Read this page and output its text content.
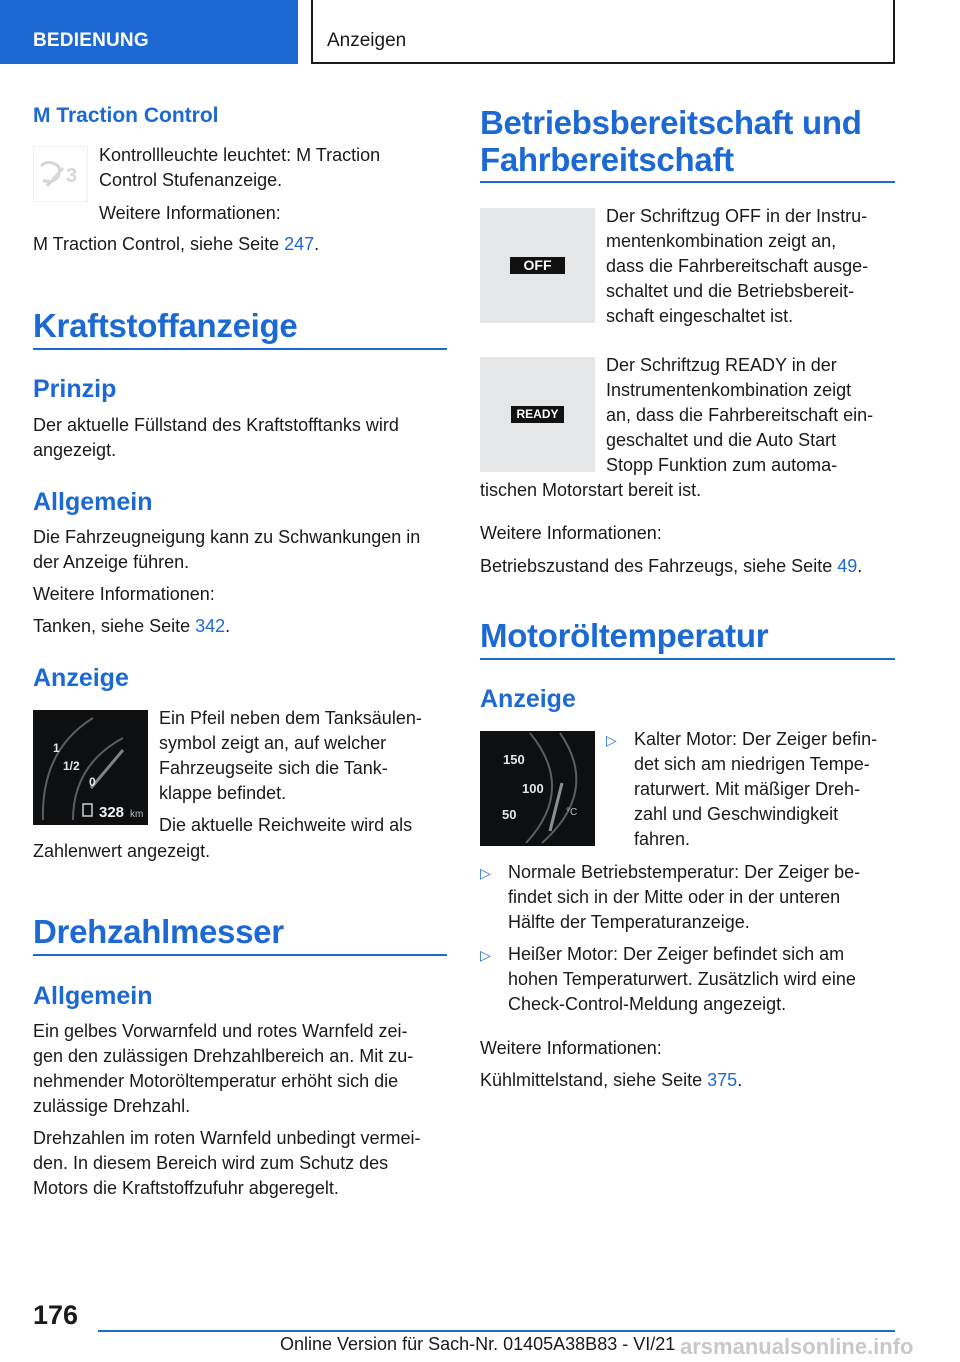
BEDIENUNG	Anzeigen
M Traction Control
3
Kontrollleuchte leuchtet: M Traction
Control Stufenanzeige.
Weitere Informationen:
M Traction Control, siehe Seite 247.
Kraftstoffanzeige
Prinzip
Der aktuelle Füllstand des Kraftstofftanks wird
angezeigt.
Allgemein
Die Fahrzeugneigung kann zu Schwankungen in
der Anzeige führen.
Weitere Informationen:
Tanken, siehe Seite 342.
Anzeige
1
1/2
0
328 km
Ein Pfeil neben dem Tanksäulen-
symbol zeigt an, auf welcher
Fahrzeugseite sich die Tank-
klappe befindet.
Die aktuelle Reichweite wird als
Zahlenwert angezeigt.
Drehzahlmesser
Allgemein
Ein gelbes Vorwarnfeld und rotes Warnfeld zei-
gen den zulässigen Drehzahlbereich an. Mit zu-
nehmender Motoröltemperatur erhöht sich die
zulässige Drehzahl.
Drehzahlen im roten Warnfeld unbedingt vermei-
den. In diesem Bereich wird zum Schutz des
Motors die Kraftstoffzufuhr abgeregelt.
Betriebsbereitschaft und
Fahrbereitschaft
OFF
Der Schriftzug OFF in der Instru-
mentenkombination zeigt an,
dass die Fahrbereitschaft ausge-
schaltet und die Betriebsbereit-
schaft eingeschaltet ist.
READY
Der Schriftzug READY in der
Instrumentenkombination zeigt
an, dass die Fahrbereitschaft ein-
geschaltet und die Auto Start
Stopp Funktion zum automa-
tischen Motorstart bereit ist.
Weitere Informationen:
Betriebszustand des Fahrzeugs, siehe Seite 49.
Motoröltemperatur
Anzeige
150
100
50	°C
▷ Kalter Motor: Der Zeiger befin-
det sich am niedrigen Tempe-
raturwert. Mit mäßiger Dreh-
zahl und Geschwindigkeit
fahren.
▷ Normale Betriebstemperatur: Der Zeiger be-
findet sich in der Mitte oder in der unteren
Hälfte der Temperaturanzeige.
▷ Heißer Motor: Der Zeiger befindet sich am
hohen Temperaturwert. Zusätzlich wird eine
Check-Control-Meldung angezeigt.
Weitere Informationen:
Kühlmittelstand, siehe Seite 375.
176
Online Version für Sach-Nr. 01405A38B83 - VI/21 arsmanualsonline.info
